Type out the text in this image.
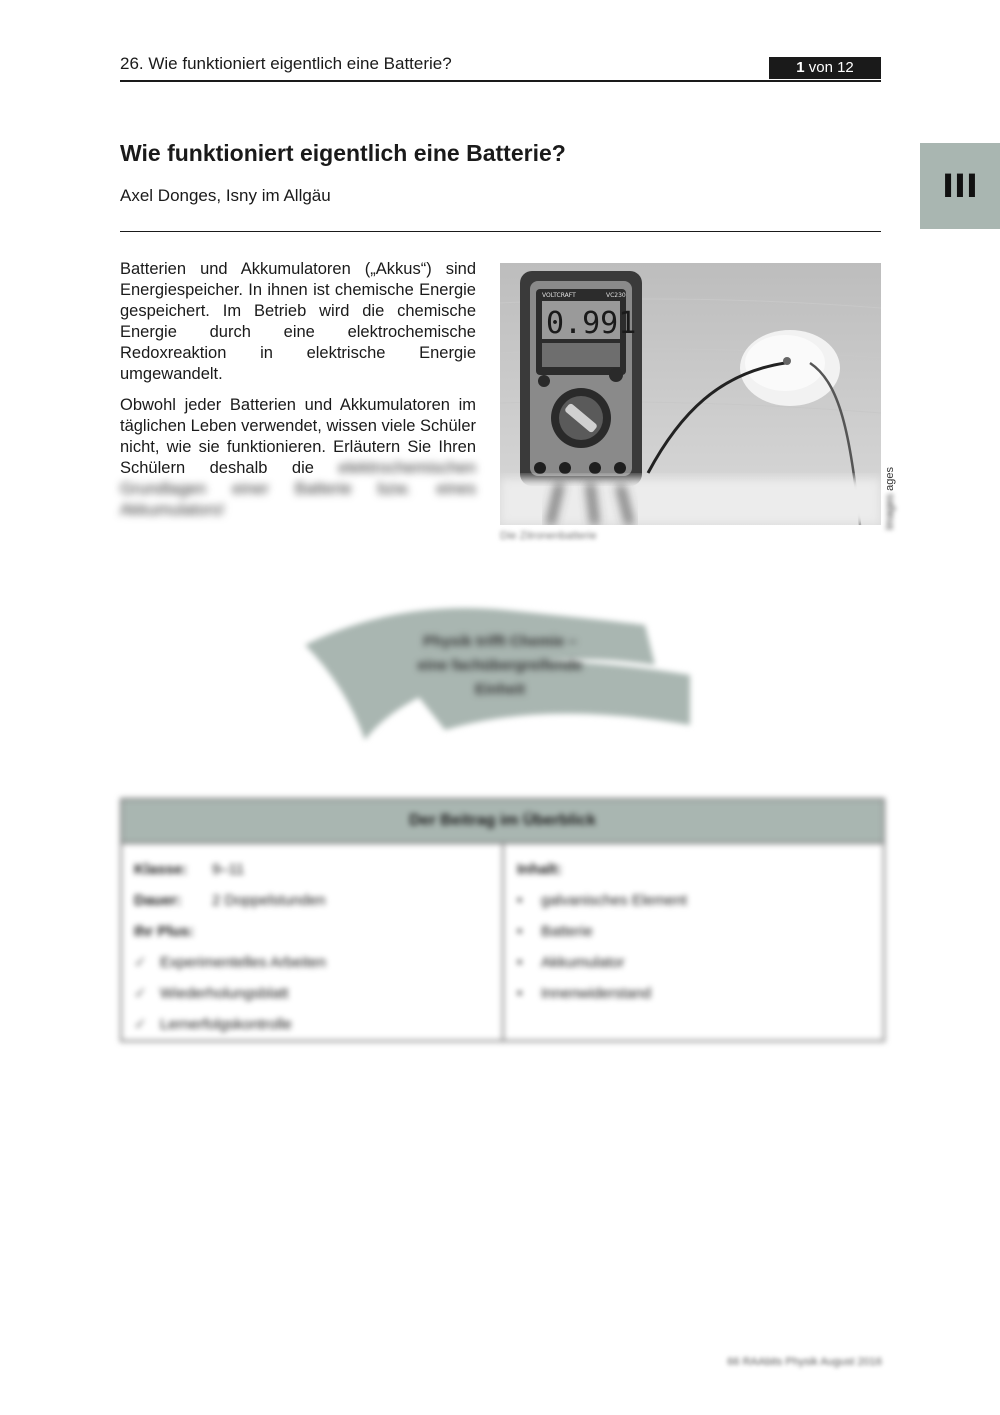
26. Wie funktioniert eigentlich eine Batterie?	1 von 12
III
Wie funktioniert eigentlich eine Batterie?
Axel Donges, Isny im Allgäu

Batterien und Akkumulatoren („Akkus“) sind Energiespeicher. In ihnen ist chemische Energie gespeichert. Im Betrieb wird die chemische Energie durch eine elektrochemische Redoxreaktion in elektrische Energie umgewandelt.

Obwohl jeder Batterien und Akkumulatoren im täglichen Leben verwendet, wissen viele Schüler nicht, wie sie funktionieren. Erläutern Sie Ihren Schülern deshalb die elektrochemischen Grundlagen einer Batterie bzw. eines Akkumulators!

0.991
VOLTCRAFT	VC230
Images ages
Die Zitronenbatterie
Physik trifft Chemie –
eine fachübergreifende
Einheit
Der Beitrag im Überblick
Klasse: 9–11
Dauer: 2 Doppelstunden
Ihr Plus:
✓ Experimentelles Arbeiten
✓ Wiederholungsblatt
✓ Lernerfolgskontrolle
Inhalt:
• galvanisches Element
• Batterie
• Akkumulator
• Innenwiderstand
66 RAAbits Physik August 2016
